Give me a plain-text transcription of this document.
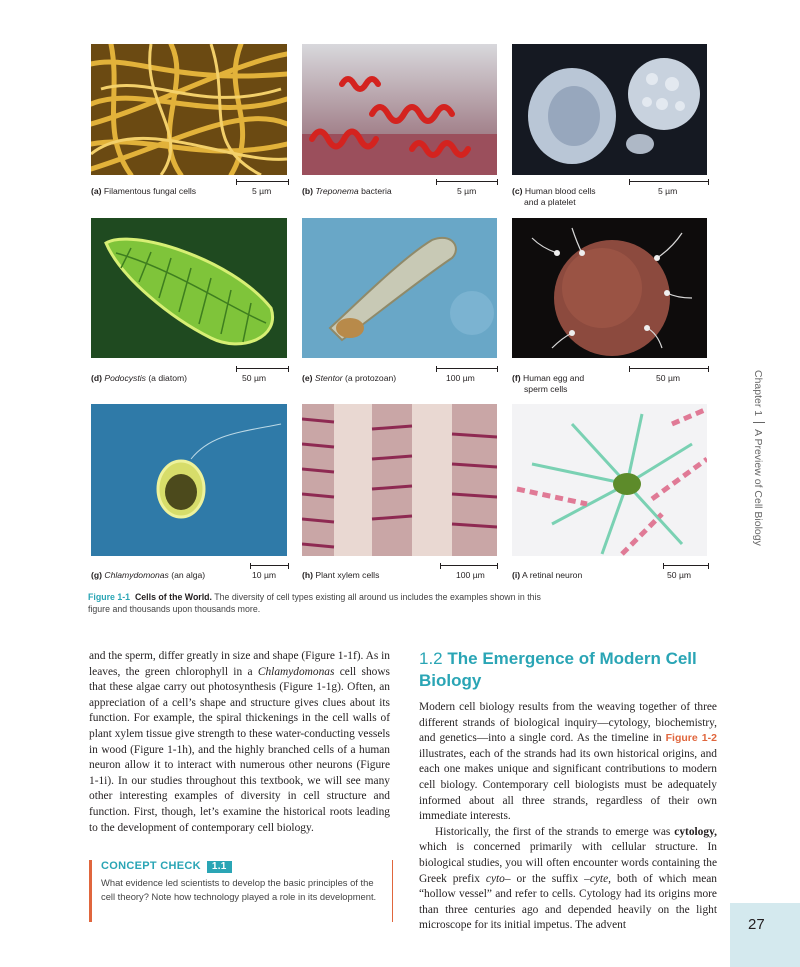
(a) Filamentous fungal cells	5 µm	(b) Treponema bacteria	5 µm	(c) Human blood cells
and a platelet
5 µm
(d) Podocystis (a diatom)	50 µm	(e) Stentor (a protozoan)	100 µm	(f) Human egg and
sperm cells
50 µm
(g) Chlamydomonas (an alga)	10 µm	(h) Plant xylem cells	100 µm	(i) A retinal neuron	50 µm
Figure 1-1 Cells of the World. The diversity of cell types existing all around us includes the examples shown in this figure and thousands upon thousands more.

and the sperm, differ greatly in size and shape (Figure 1-1f). As in leaves, the green chlorophyll in a Chlamydomonas cell shows that these algae carry out photosynthesis (Figure 1-1g). Often, an appreciation of a cell’s shape and structure gives clues about its function. For example, the spiral thickenings in the cell walls of plant xylem tissue give strength to these water-conducting vessels in wood (Figure 1-1h), and the highly branched cells of a human neuron allow it to interact with numerous other neurons (Figure 1-1i). In our studies throughout this textbook, we will see many other interesting examples of diversity in cell structure and function. First, though, let’s examine the historical roots leading to the development of contemporary cell biology.

CONCEPT CHECK 1.1
What evidence led scientists to develop the basic principles of the cell theory? Note how technology played a role in its development.
1.2 The Emergence of Modern Cell Biology

Modern cell biology results from the weaving together of three different strands of biological inquiry—cytology, biochemistry, and genetics—into a single cord. As the timeline in Figure 1-2 illustrates, each of the strands had its own historical origins, and each one makes unique and significant contributions to modern cell biology. Contemporary cell biologists must be adequately informed about all three strands, regardless of their own immediate interests.

Historically, the first of the strands to emerge was cytology, which is concerned primarily with cellular structure. In biological studies, you will often encounter words containing the Greek prefix cyto– or the suffix –cyte, both of which mean “hollow vessel” and refer to cells. Cytology had its origins more than three centuries ago and depended heavily on the light microscope for its initial impetus. The advent

Chapter 1A Preview of Cell Biology
27
